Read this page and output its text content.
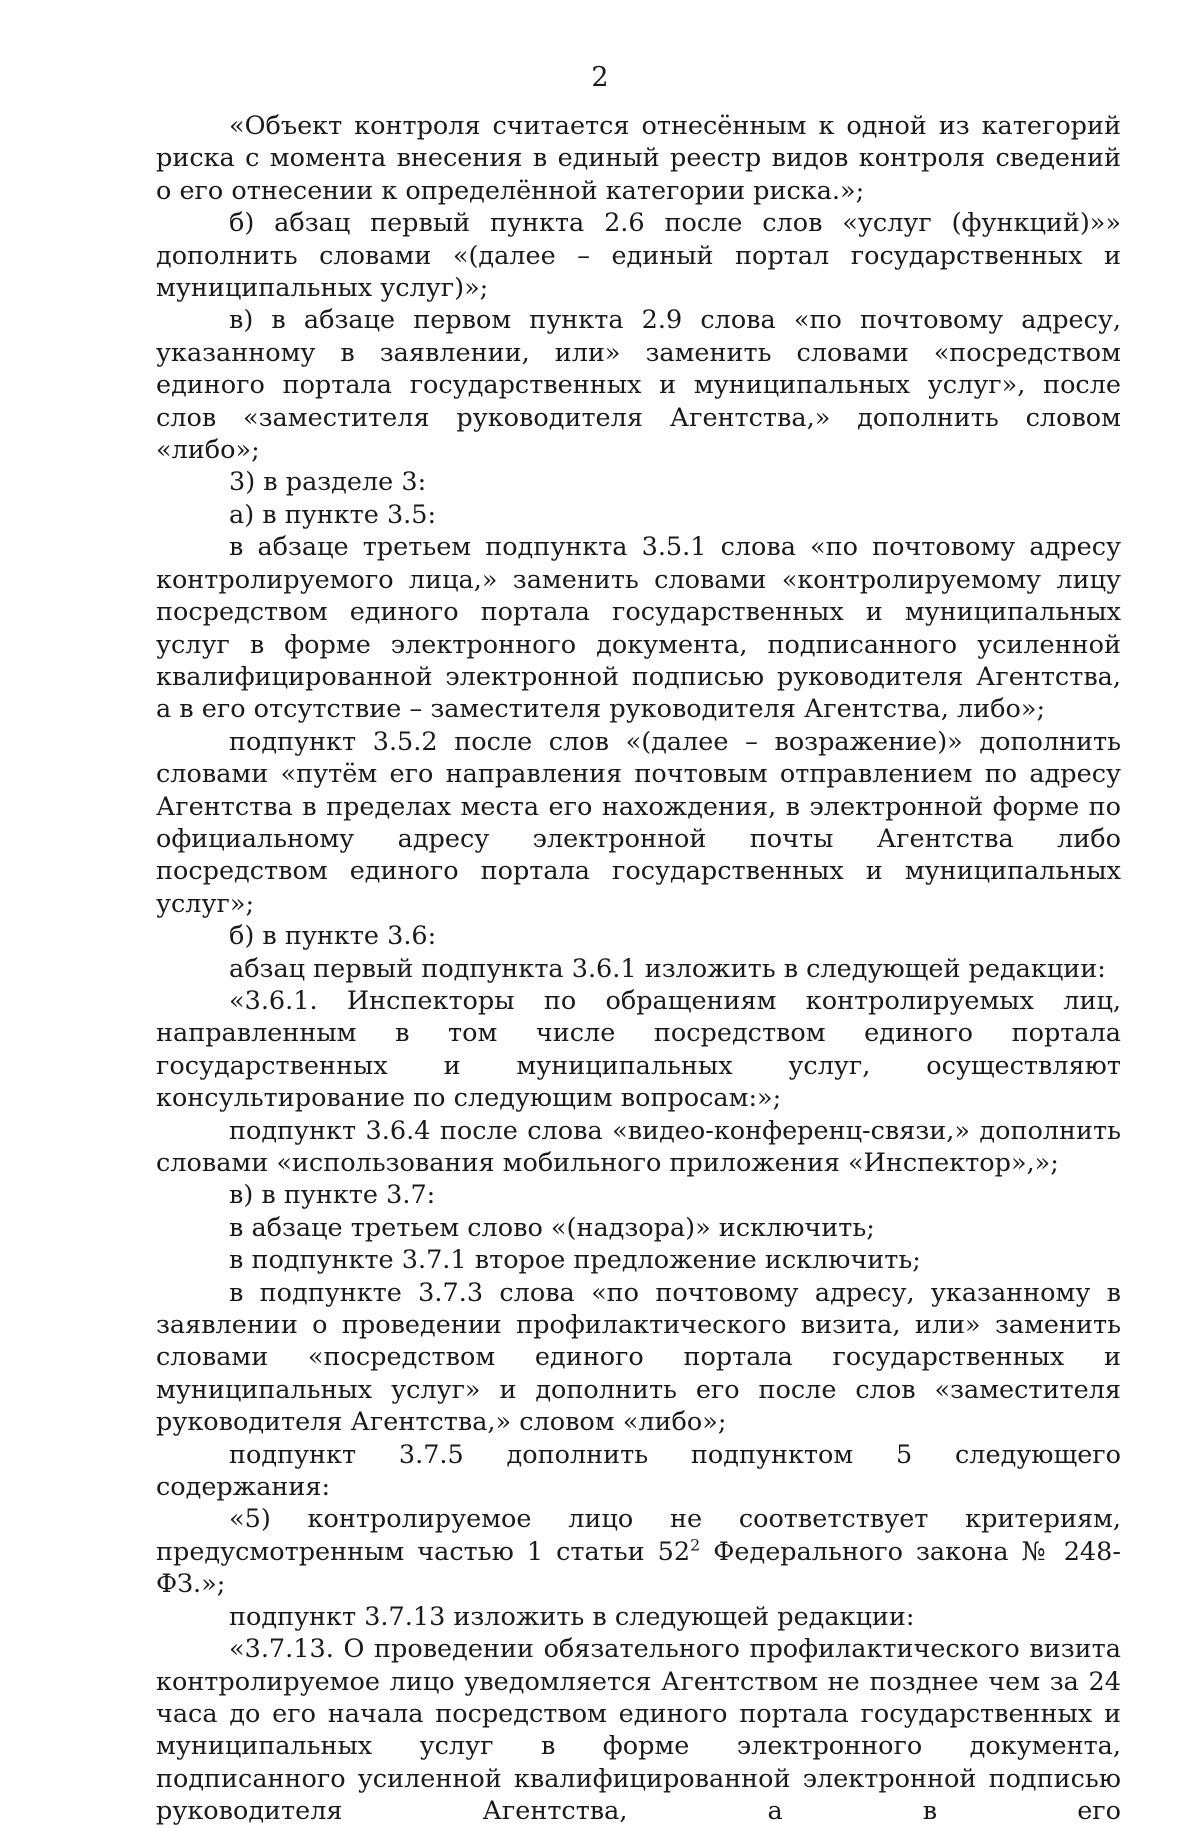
2

«Объект контроля считается отнесённым к одной из категорий риска с момента внесения в единый реестр видов контроля сведений о его отнесении к определённой категории риска.»;

б) абзац первый пункта 2.6 после слов «услуг (функций)»» дополнить словами «(далее – единый портал государственных и муниципальных услуг)»;

в) в абзаце первом пункта 2.9 слова «по почтовому адресу, указанному в заявлении, или» заменить словами «посредством единого портала государственных и муниципальных услуг», после слов «заместителя руководителя Агентства,» дополнить словом «либо»;

3) в разделе 3:

а) в пункте 3.5:

в абзаце третьем подпункта 3.5.1 слова «по почтовому адресу контролируемого лица,» заменить словами «контролируемому лицу посредством единого портала государственных и муниципальных услуг в форме электронного документа, подписанного усиленной квалифицированной электронной подписью руководителя Агентства, а в его отсутствие – заместителя руководителя Агентства, либо»;

подпункт 3.5.2 после слов «(далее – возражение)» дополнить словами «путём его направления почтовым отправлением по адресу Агентства в пределах места его нахождения, в электронной форме по официальному адресу электронной почты Агентства либо посредством единого портала государственных и муниципальных услуг»;

б) в пункте 3.6:

абзац первый подпункта 3.6.1 изложить в следующей редакции:

«3.6.1. Инспекторы по обращениям контролируемых лиц, направленным в том числе посредством единого портала государственных и муниципальных услуг, осуществляют консультирование по следующим вопросам:»;

подпункт 3.6.4 после слова «видео-конференц-связи,» дополнить словами «использования мобильного приложения «Инспектор»,»;

в) в пункте 3.7:

в абзаце третьем слово «(надзора)» исключить;

в подпункте 3.7.1 второе предложение исключить;

в подпункте 3.7.3 слова «по почтовому адресу, указанному в заявлении о проведении профилактического визита, или» заменить словами «посредством единого портала государственных и муниципальных услуг» и дополнить его после слов «заместителя руководителя Агентства,» словом «либо»;

подпункт 3.7.5 дополнить подпунктом 5 следующего содержания:

«5) контролируемое лицо не соответствует критериям, предусмотренным частью 1 статьи $52^2$ Федерального закона № 248-ФЗ.»;

подпункт 3.7.13 изложить в следующей редакции:

«3.7.13. О проведении обязательного профилактического визита контролируемое лицо уведомляется Агентством не позднее чем за 24 часа до его начала посредством единого портала государственных и муниципальных услуг в форме электронного документа, подписанного усиленной квалифицированной электронной подписью руководителя Агентства, а в его
